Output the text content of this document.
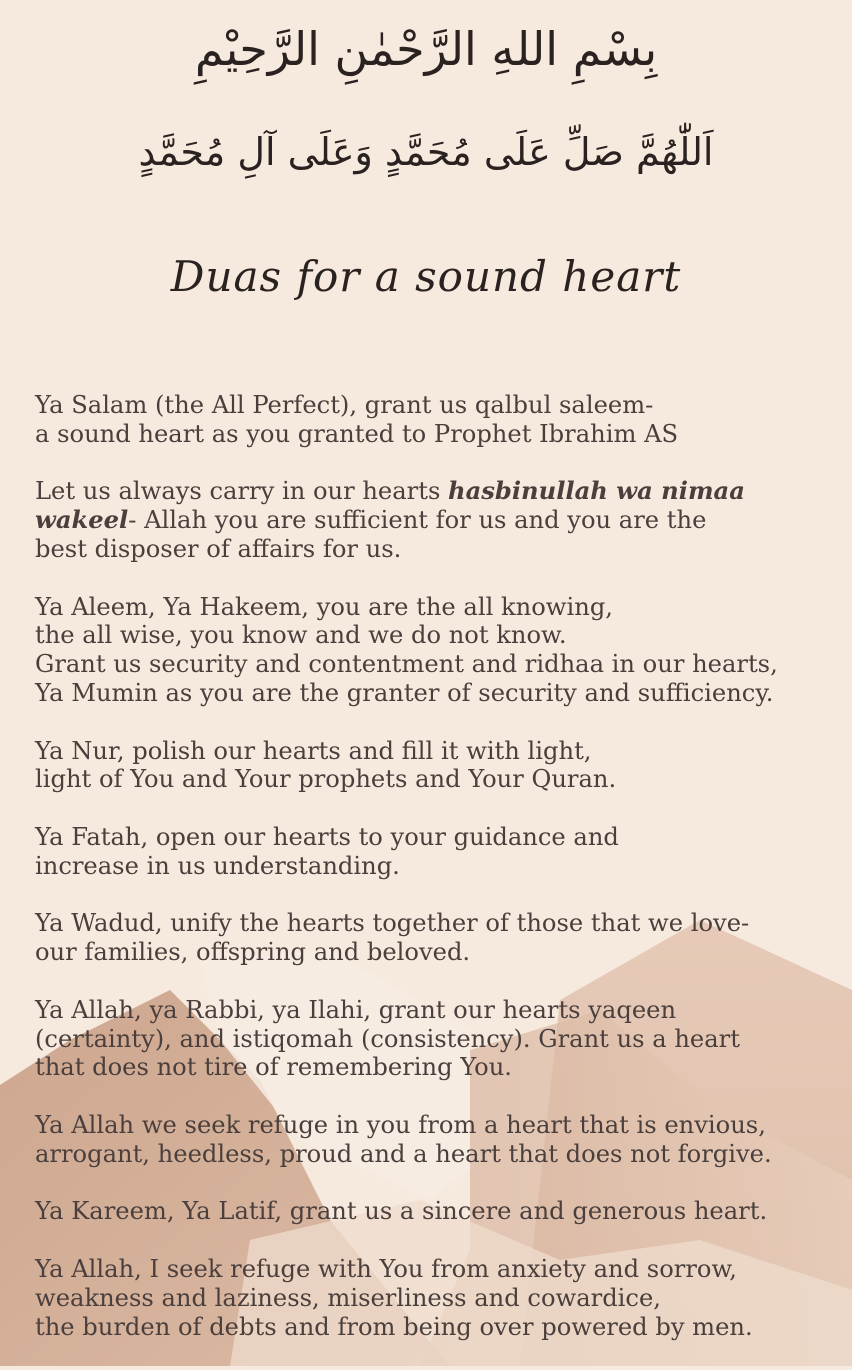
بِسْمِ اللهِ الرَّحْمٰنِ الرَّحِيْمِ
اَللّٰهُمَّ صَلِّ عَلَى مُحَمَّدٍ وَعَلَى آلِ مُحَمَّدٍ
Duas for a sound heart
Ya Salam (the All Perfect), grant us qalbul saleem-
a sound heart as you granted to Prophet Ibrahim AS
Let us always carry in our hearts hasbinullah wa nimaa
wakeel- Allah you are sufficient for us and you are the
best disposer of affairs for us.
Ya Aleem, Ya Hakeem, you are the all knowing,
the all wise, you know and we do not know.
Grant us security and contentment and ridhaa in our hearts,
Ya Mumin as you are the granter of security and sufficiency.
Ya Nur, polish our hearts and fill it with light,
light of You and Your prophets and Your Quran.
Ya Fatah, open our hearts to your guidance and
increase in us understanding.
Ya Wadud, unify the hearts together of those that we love-
our families, offspring and beloved.
Ya Allah, ya Rabbi, ya Ilahi, grant our hearts yaqeen
(certainty), and istiqomah (consistency). Grant us a heart
that does not tire of remembering You.
Ya Allah we seek refuge in you from a heart that is envious,
arrogant, heedless, proud and a heart that does not forgive.
Ya Kareem, Ya Latif, grant us a sincere and generous heart.
Ya Allah, I seek refuge with You from anxiety and sorrow,
weakness and laziness, miserliness and cowardice,
the burden of debts and from being over powered by men.
